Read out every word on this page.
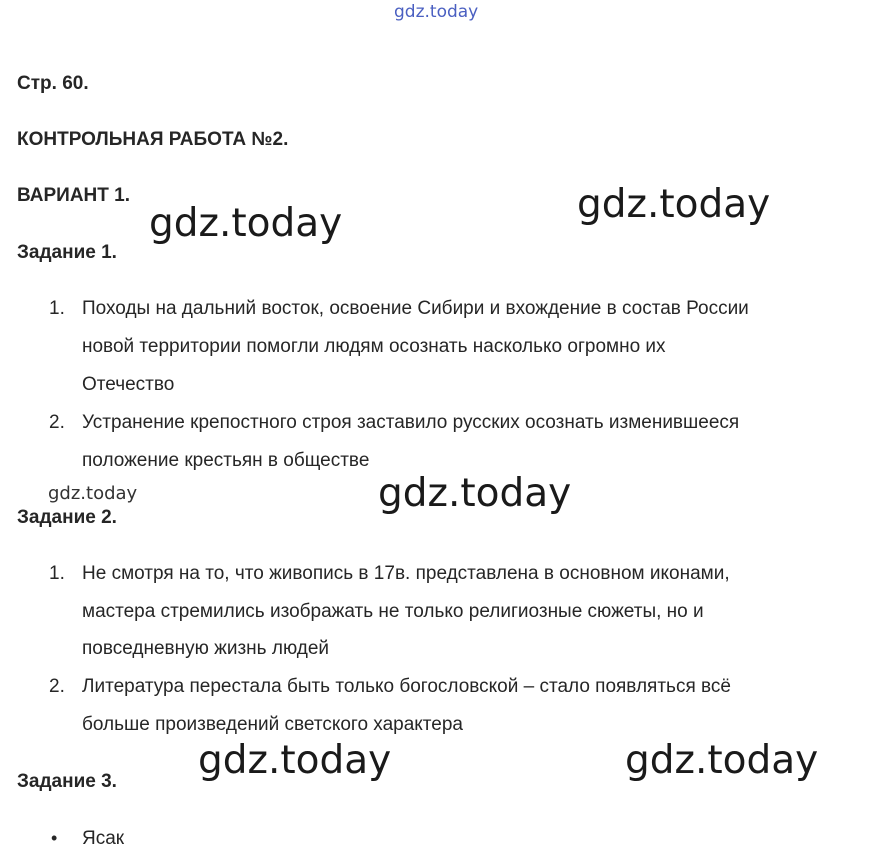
gdz.today
Стр. 60.
КОНТРОЛЬНАЯ РАБОТА №2.
ВАРИАНТ 1.
gdz.today	gdz.today
Задание 1.
1. Походы на дальний восток, освоение Сибири и вхождение в состав России
новой территории помогли людям осознать насколько огромно их
Отечество
2. Устранение крепостного строя заставило русских осознать изменившееся
положение крестьян в обществе
gdz.today	gdz.today
Задание 2.
1. Не смотря на то, что живопись в 17в. представлена в основном иконами,
мастера стремились изображать не только религиозные сюжеты, но и
повседневную жизнь людей
2. Литература перестала быть только богословской – стало появляться всё
больше произведений светского характера
gdz.today	gdz.today
Задание 3.
• Ясак
